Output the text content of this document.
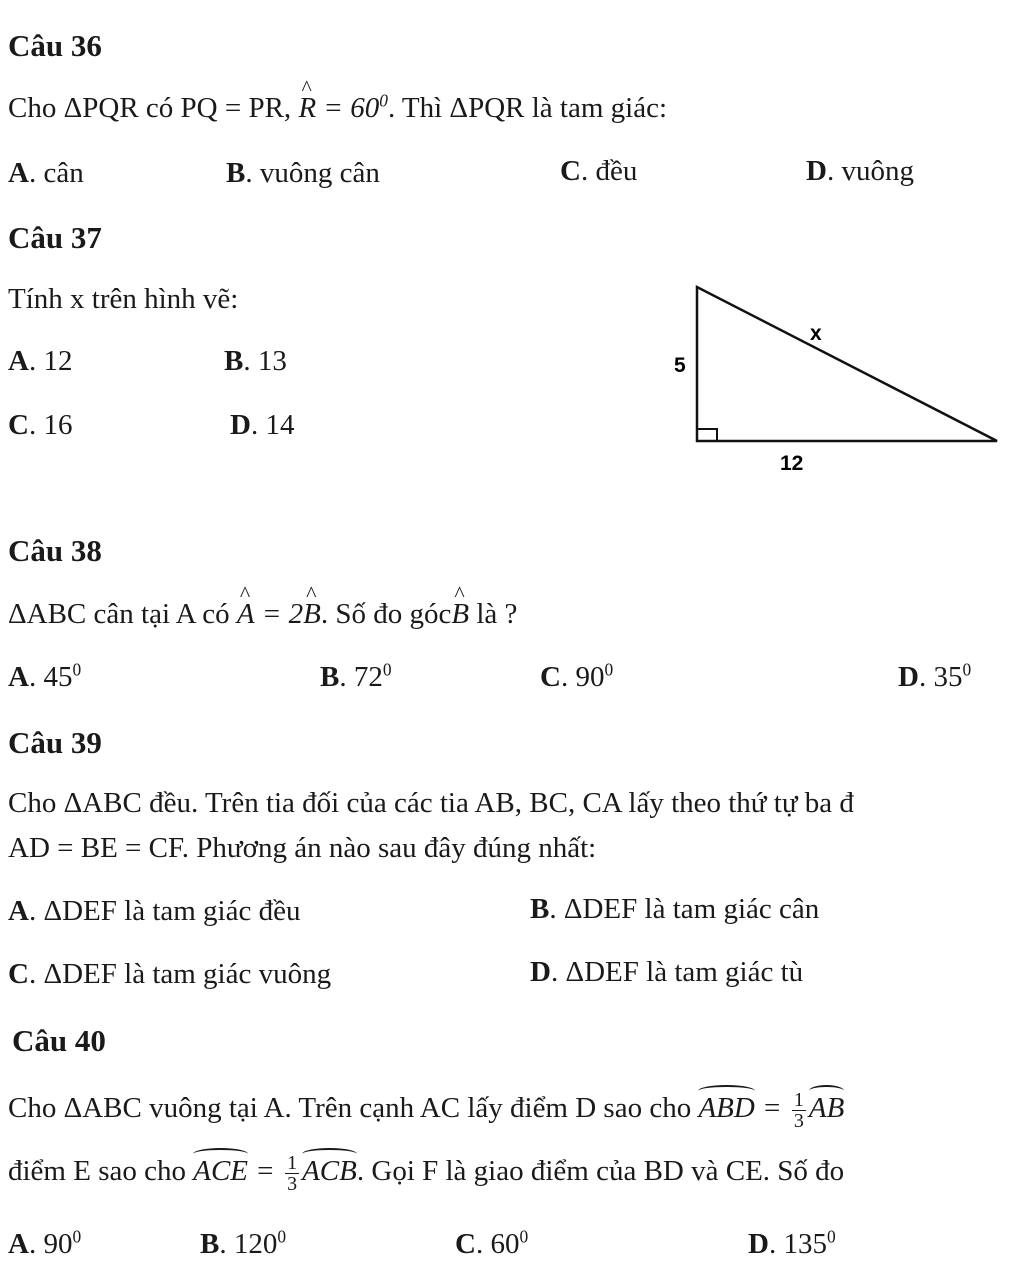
Câu 36
Cho ΔPQR có PQ = PR, ^ $R = 60^0$. Thì ΔPQR là tam giác:
A. cân	B. vuông cân	C. đều	D. vuông
Câu 37
Tính x trên hình vẽ:
A. 12	B. 13
C. 16	D. 14
5
x
12
Câu 38
ΔABC cân tại A có ^ A = 2^ B. Số đo góc^ B là ?
A. $45^0$	B. $72^0$	C. $90^0$	D. $35^0$
Câu 39
Cho ΔABC đều. Trên tia đối của các tia AB, BC, CA lấy theo thứ tự ba đ
AD = BE = CF. Phương án nào sau đây đúng nhất:
A. ΔDEF là tam giác đều	B. ΔDEF là tam giác cân
C. ΔDEF là tam giác vuông	D. ΔDEF là tam giác tù
Câu 40
Cho ΔABC vuông tại A. Trên cạnh AC lấy điểm D sao cho ABD = $\frac{1}{3}$ AB
điểm E sao cho ACE = $\frac{1}{3}$ ACB. Gọi F là giao điểm của BD và CE. Số đo
A. $90^0$	B. $120^0$	C. $60^0$	D. $135^0$
